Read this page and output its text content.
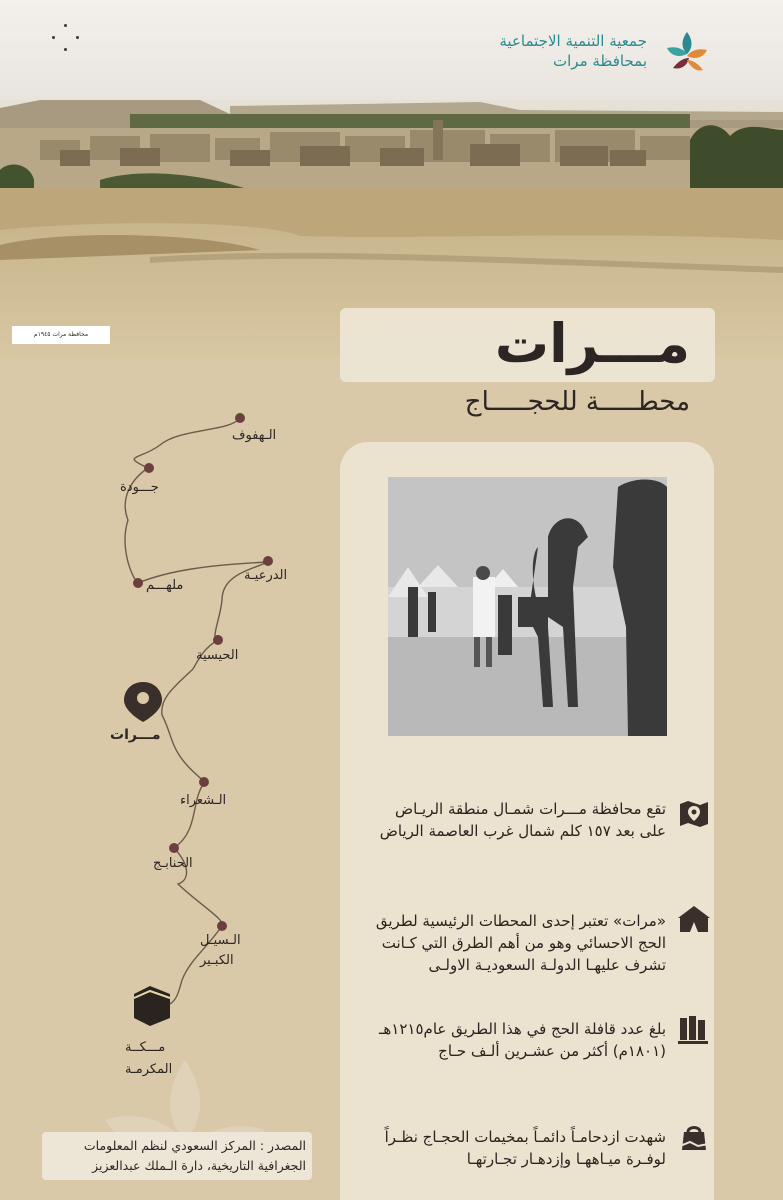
جمعية التنمية الاجتماعية
بمحافظة مرات
محافظة مرات ١٩٤٥م	مـــرات
محطـــــة للحجـــــاج
الـهفوف
جـــودة
الدرعيـة
ملهـــم
الحيسية
مـــرات
الـشعراء
الحنابـج
الـسيـل
الكبـير
مـــكــة
المكرمـة
المصدر : المركز السعودي لنظم المعلومات
الجغرافية التاريخية، دارة الـملك عبدالعزيز
تقع محافظة مـــرات شمـال منطقة الريـاض
على بعد ١٥٧ كلم شمال غرب العاصمة الرياض
«مرات» تعتبر إحدى المحطات الرئيسية لطريق
الحج الاحسائي وهو من أهم الطرق التي كـانت
تشرف عليهـا الدولـة السعوديـة الاولـى
بلغ عدد قافلة الحج في هذا الطريق عام١٢١٥هـ
(١٨٠١م) أكثر من عشـرين ألـف حـاج
شهدت ازدحامـاً دائمـاً بمخيمات الحجـاج نظـراً
لوفـرة ميـاههـا وإزدهـار تجـارتهـا
